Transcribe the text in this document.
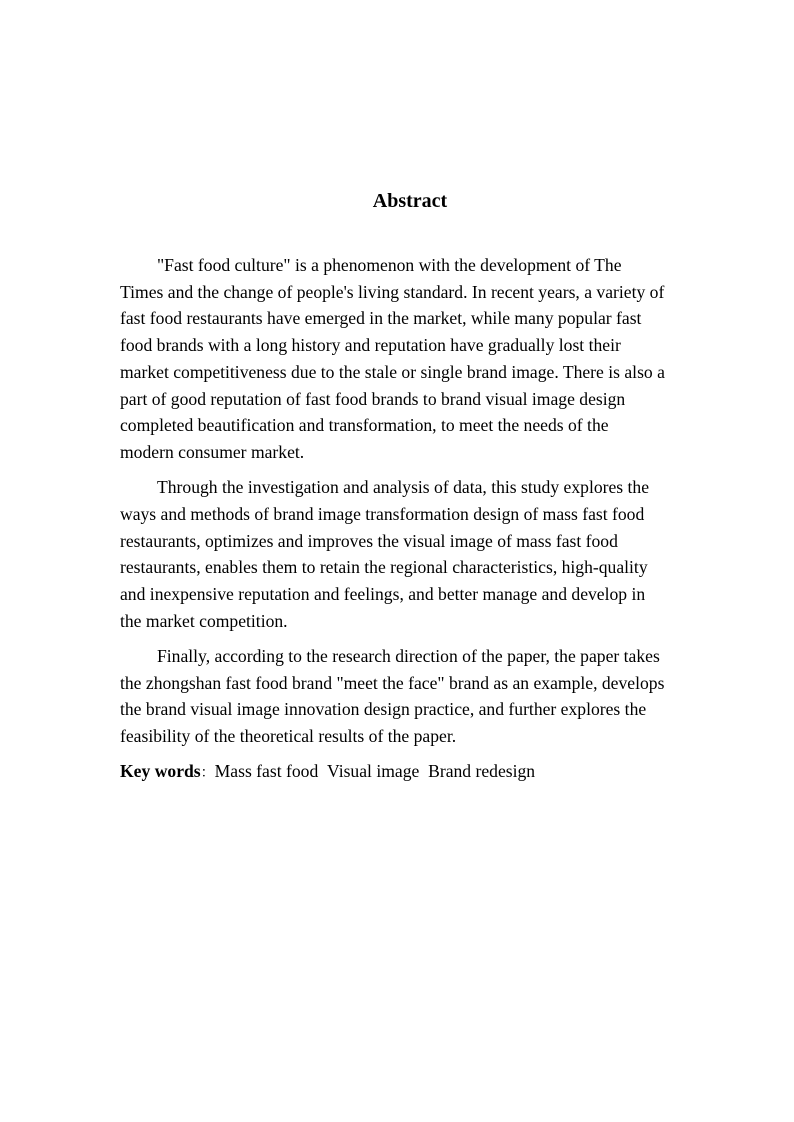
Abstract
"Fast food culture" is a phenomenon with the development of The
Times and the change of people's living standard. In recent years, a variety of
fast food restaurants have emerged in the market, while many popular fast
food brands with a long history and reputation have gradually lost their
market competitiveness due to the stale or single brand image. There is also a
part of good reputation of fast food brands to brand visual image design
completed beautification and transformation, to meet the needs of the
modern consumer market.
Through the investigation and analysis of data, this study explores the
ways and methods of brand image transformation design of mass fast food
restaurants, optimizes and improves the visual image of mass fast food
restaurants, enables them to retain the regional characteristics, high-quality
and inexpensive reputation and feelings, and better manage and develop in
the market competition.
Finally, according to the research direction of the paper, the paper takes
the zhongshan fast food brand "meet the face" brand as an example, develops
the brand visual image innovation design practice, and further explores the
feasibility of the theoretical results of the paper.

Key words：Mass fast food Visual image Brand redesign
